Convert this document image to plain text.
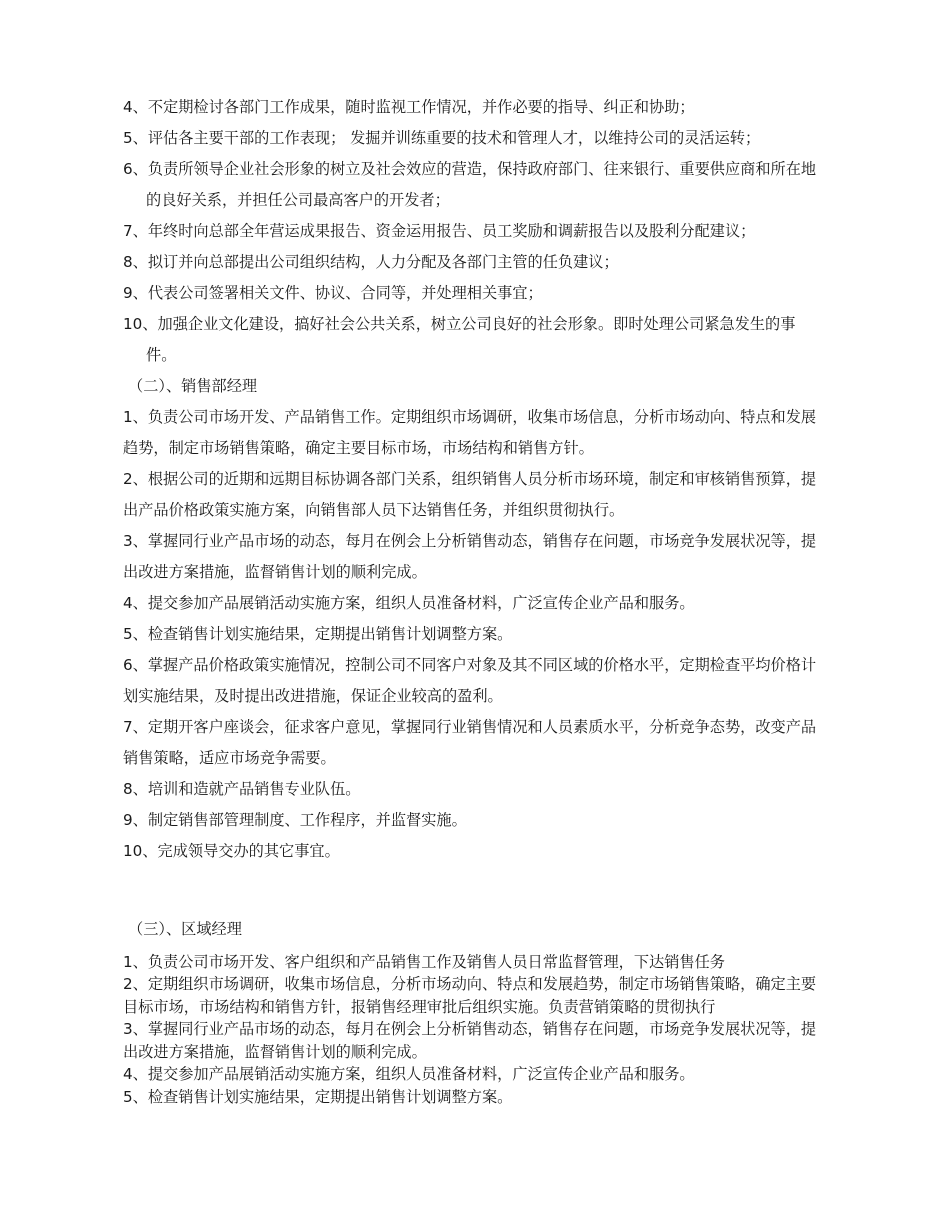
4、不定期检讨各部门工作成果，随时监视工作情况，并作必要的指导、纠正和协助；

5、评估各主要干部的工作表现； 发掘并训练重要的技术和管理人才，以维持公司的灵活运转；

6、负责所领导企业社会形象的树立及社会效应的营造，保持政府部门、往来银行、重要供应商和所在地的良好关系，并担任公司最高客户的开发者；

7、年终时向总部全年营运成果报告、资金运用报告、员工奖励和调薪报告以及股利分配建议；

8、拟订并向总部提出公司组织结构，人力分配及各部门主管的任负建议；

9、代表公司签署相关文件、协议、合同等，并处理相关事宜；

10、加强企业文化建设，搞好社会公共关系，树立公司良好的社会形象。即时处理公司紧急发生的事件。

（二）、销售部经理

1、负责公司市场开发、产品销售工作。定期组织市场调研，收集市场信息，分析市场动向、特点和发展趋势，制定市场销售策略，确定主要目标市场，市场结构和销售方针。

2、根据公司的近期和远期目标协调各部门关系，组织销售人员分析市场环境，制定和审核销售预算，提出产品价格政策实施方案，向销售部人员下达销售任务，并组织贯彻执行。

3、掌握同行业产品市场的动态，每月在例会上分析销售动态，销售存在问题，市场竞争发展状况等，提出改进方案措施，监督销售计划的顺利完成。

4、提交参加产品展销活动实施方案，组织人员准备材料，广泛宣传企业产品和服务。

5、检查销售计划实施结果，定期提出销售计划调整方案。

6、掌握产品价格政策实施情况，控制公司不同客户对象及其不同区域的价格水平，定期检查平均价格计划实施结果，及时提出改进措施，保证企业较高的盈利。

7、定期开客户座谈会，征求客户意见，掌握同行业销售情况和人员素质水平，分析竞争态势，改变产品销售策略，适应市场竞争需要。

8、培训和造就产品销售专业队伍。

9、制定销售部管理制度、工作程序，并监督实施。

10、完成领导交办的其它事宜。

（三）、区域经理

1、负责公司市场开发、客户组织和产品销售工作及销售人员日常监督管理，下达销售任务

2、定期组织市场调研，收集市场信息，分析市场动向、特点和发展趋势，制定市场销售策略，确定主要目标市场，市场结构和销售方针，报销售经理审批后组织实施。负责营销策略的贯彻执行

3、掌握同行业产品市场的动态，每月在例会上分析销售动态，销售存在问题，市场竞争发展状况等，提出改进方案措施，监督销售计划的顺利完成。

4、提交参加产品展销活动实施方案，组织人员准备材料，广泛宣传企业产品和服务。

5、检查销售计划实施结果，定期提出销售计划调整方案。
